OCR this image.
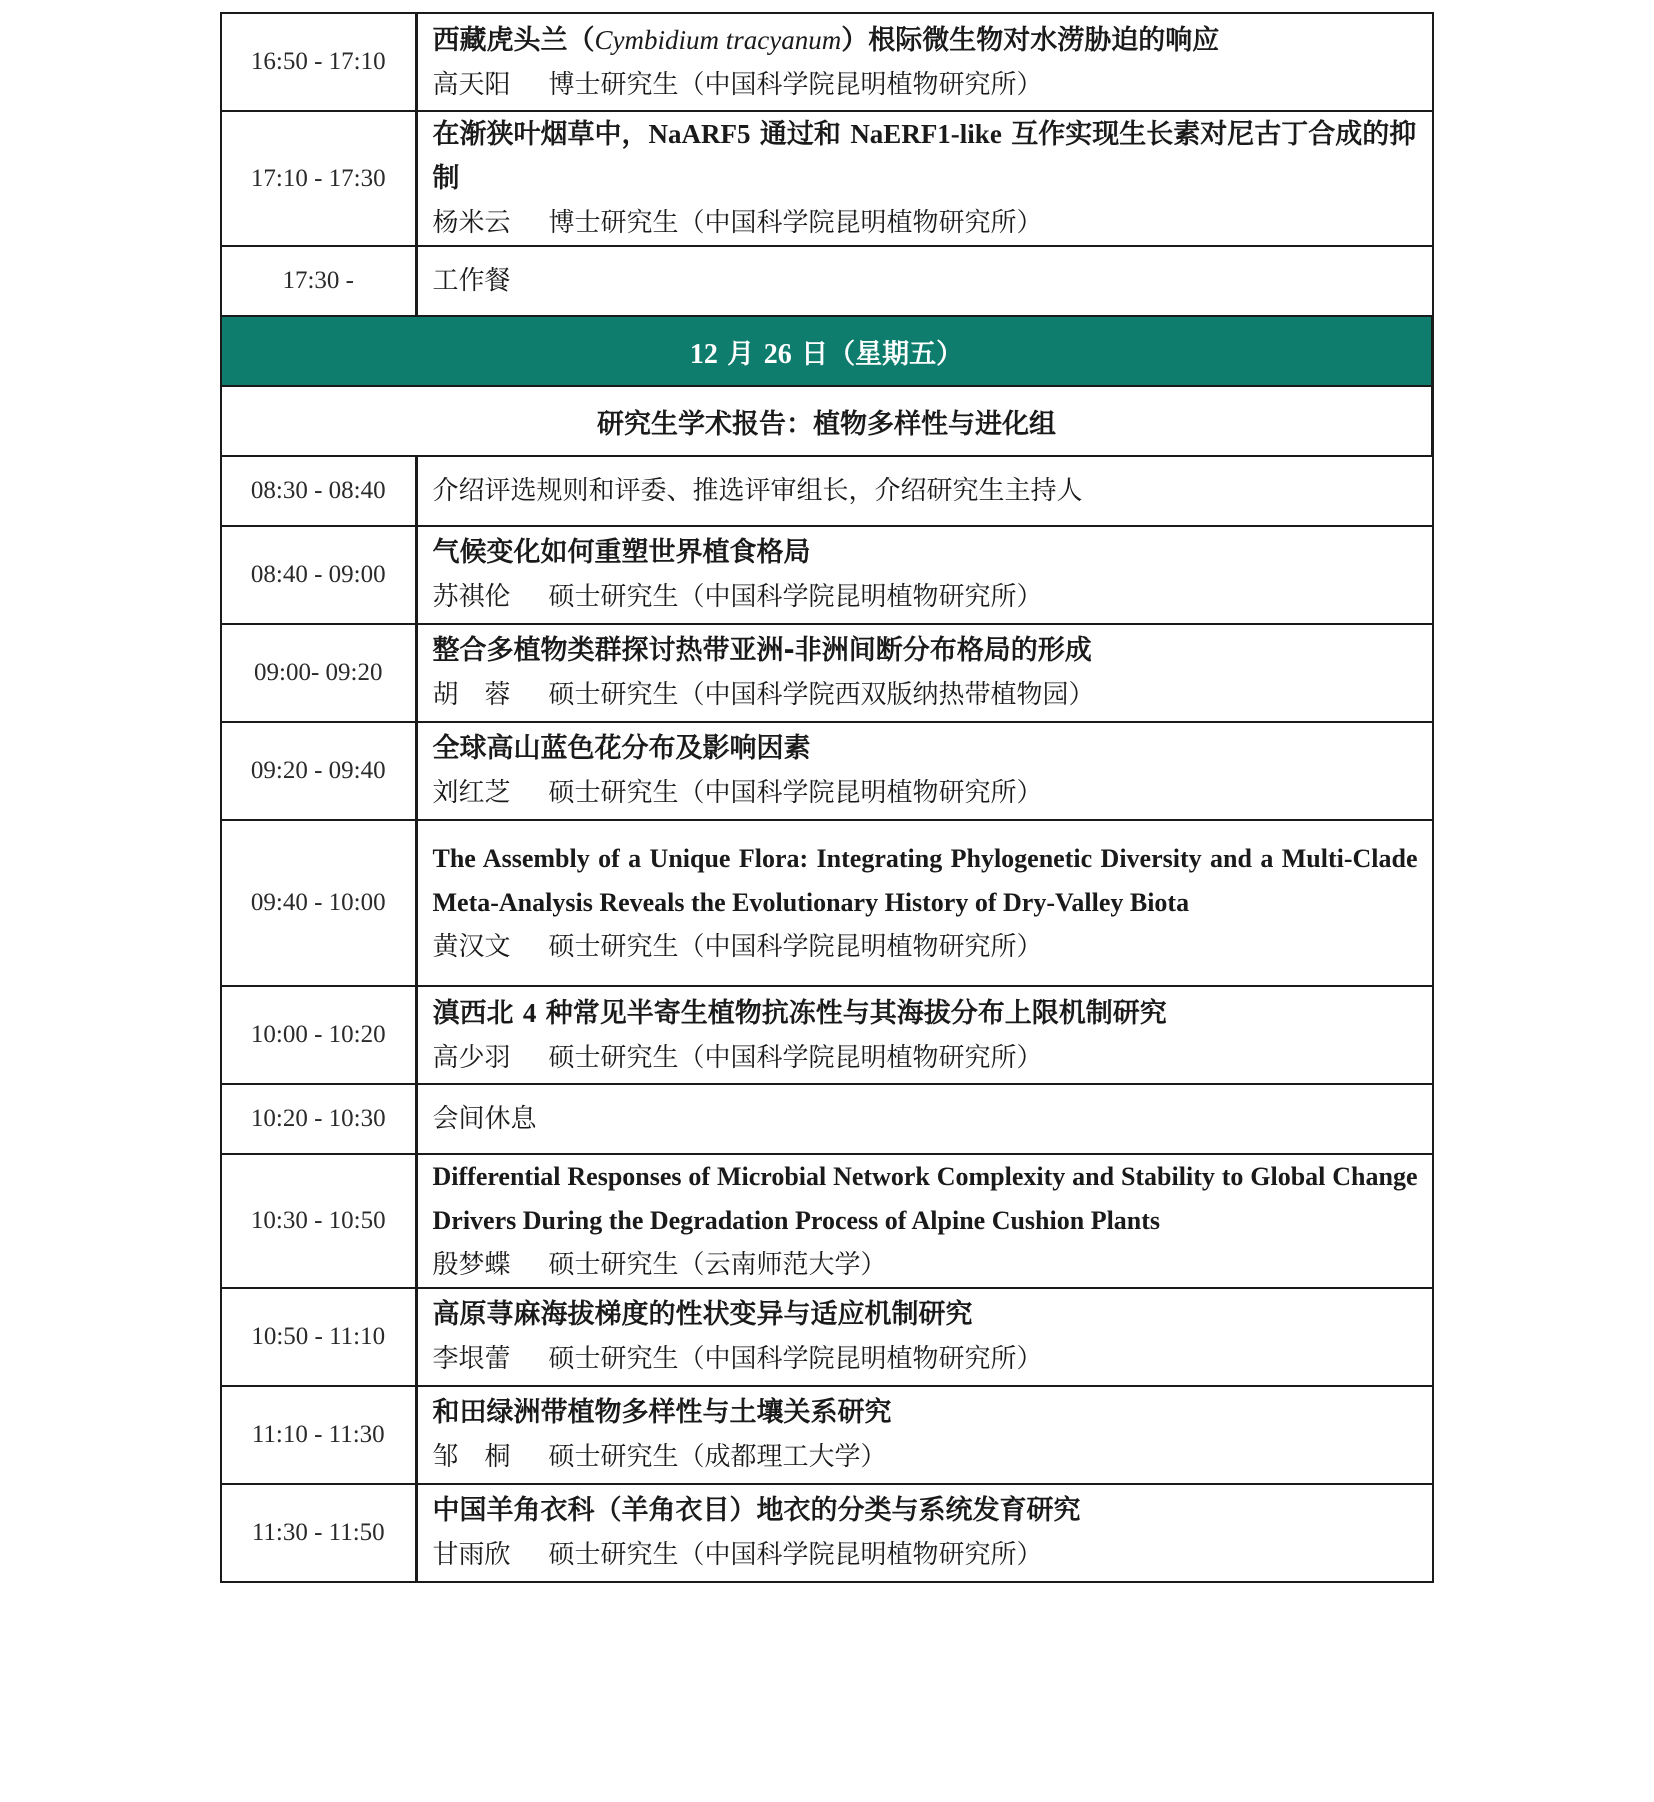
16:50 - 17:10	西藏虎头兰（Cymbidium tracyanum）根际微生物对水涝胁迫的响应
高天阳 博士研究生（中国科学院昆明植物研究所）

17:10 - 17:30	在渐狭叶烟草中，NaARF5 通过和 NaERF1-like 互作实现生长素对尼古丁合成的抑制
杨米云 博士研究生（中国科学院昆明植物研究所）

17:30 -	工作餐

12 月 26 日（星期五）	
研究生学术报告：植物多样性与进化组	
08:30 - 08:40	介绍评选规则和评委、推选评审组长，介绍研究生主持人

08:40 - 09:00	气候变化如何重塑世界植食格局
苏祺伦 硕士研究生（中国科学院昆明植物研究所）

09:00- 09:20	整合多植物类群探讨热带亚洲-非洲间断分布格局的形成
胡　蓉 硕士研究生（中国科学院西双版纳热带植物园）

09:20 - 09:40	全球高山蓝色花分布及影响因素
刘红芝 硕士研究生（中国科学院昆明植物研究所）

09:40 - 10:00	The Assembly of a Unique Flora: Integrating Phylogenetic Diversity and a Multi-Clade Meta-Analysis Reveals the Evolutionary History of Dry-Valley Biota
黄汉文 硕士研究生（中国科学院昆明植物研究所）

10:00 - 10:20	滇西北 4 种常见半寄生植物抗冻性与其海拔分布上限机制研究
高少羽 硕士研究生（中国科学院昆明植物研究所）

10:20 - 10:30	会间休息

10:30 - 10:50	Differential Responses of Microbial Network Complexity and Stability to Global Change Drivers During the Degradation Process of Alpine Cushion Plants
殷梦蝶 硕士研究生（云南师范大学）

10:50 - 11:10	高原荨麻海拔梯度的性状变异与适应机制研究
李垠蕾 硕士研究生（中国科学院昆明植物研究所）

11:10 - 11:30	和田绿洲带植物多样性与土壤关系研究
邹　桐 硕士研究生（成都理工大学）

11:30 - 11:50	中国羊角衣科（羊角衣目）地衣的分类与系统发育研究
甘雨欣 硕士研究生（中国科学院昆明植物研究所）
